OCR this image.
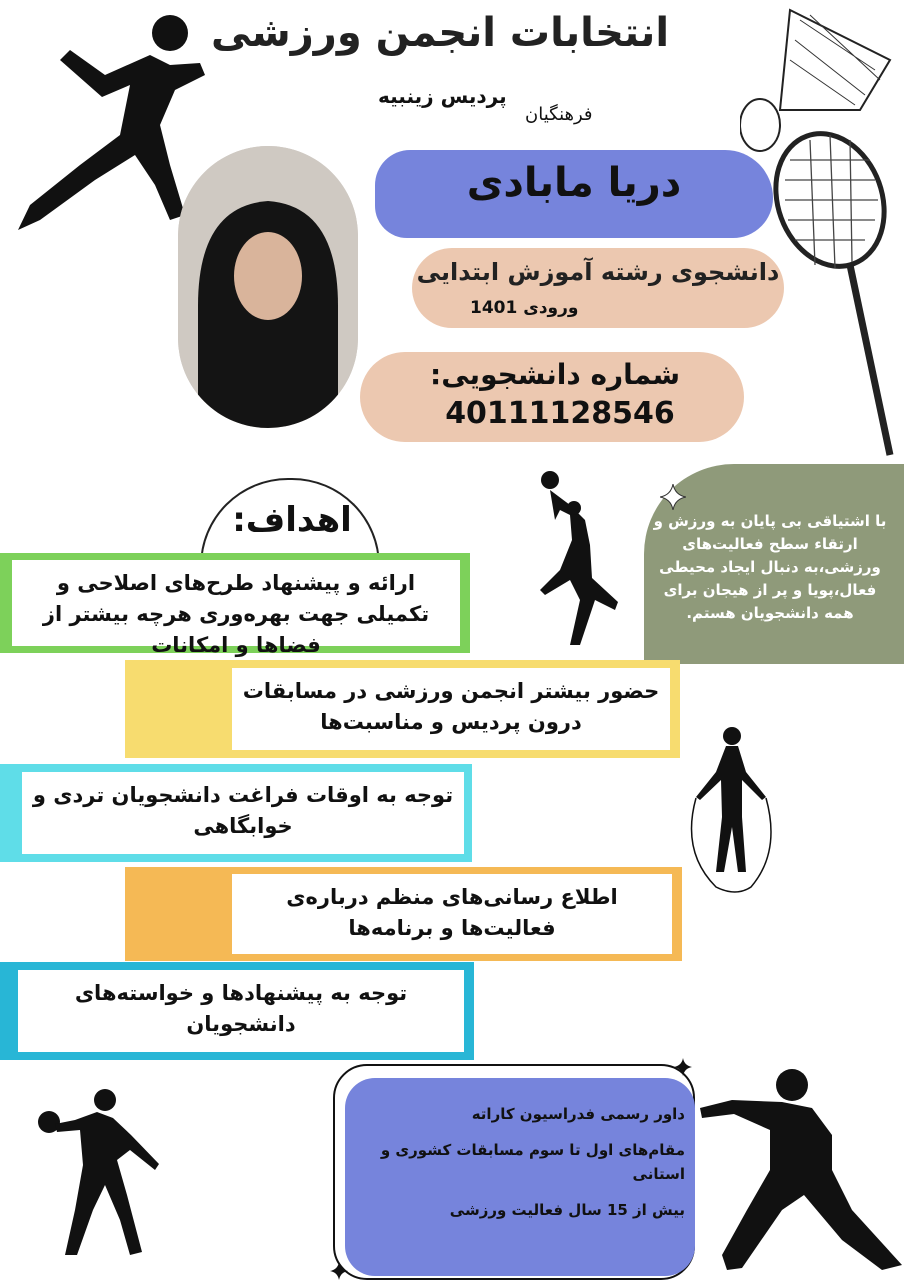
انتخابات انجمن ورزشی
پردیس زینبیه
فرهنگیان
دریا مابادی
دانشجوی رشته آموزش ابتدایی
ورودی 1401
شماره دانشجویی:
40111128546
با اشتیاقی بی پایان به ورزش و ارتقاء سطح فعالیت‌های ورزشی،به دنبال ایجاد محیطی فعال،پویا و پر از هیجان برای همه دانشجویان هستم.
اهداف:
ارائه و پیشنهاد طرح‌های اصلاحی و تکمیلی جهت بهره‌وری هرچه بیشتر از فضاها و امکانات
حضور بیشتر انجمن ورزشی در مسابقات درون پردیس و مناسبت‌ها
توجه به اوقات فراغت دانشجویان تردی و خوابگاهی
اطلاع رسانی‌های منظم درباره‌ی فعالیت‌ها و برنامه‌ها
توجه به پیشنهادها و خواسته‌های دانشجویان
داور رسمی فدراسیون کاراته
مقام‌های اول تا سوم مسابقات کشوری و استانی
بیش از 15 سال فعالیت ورزشی
